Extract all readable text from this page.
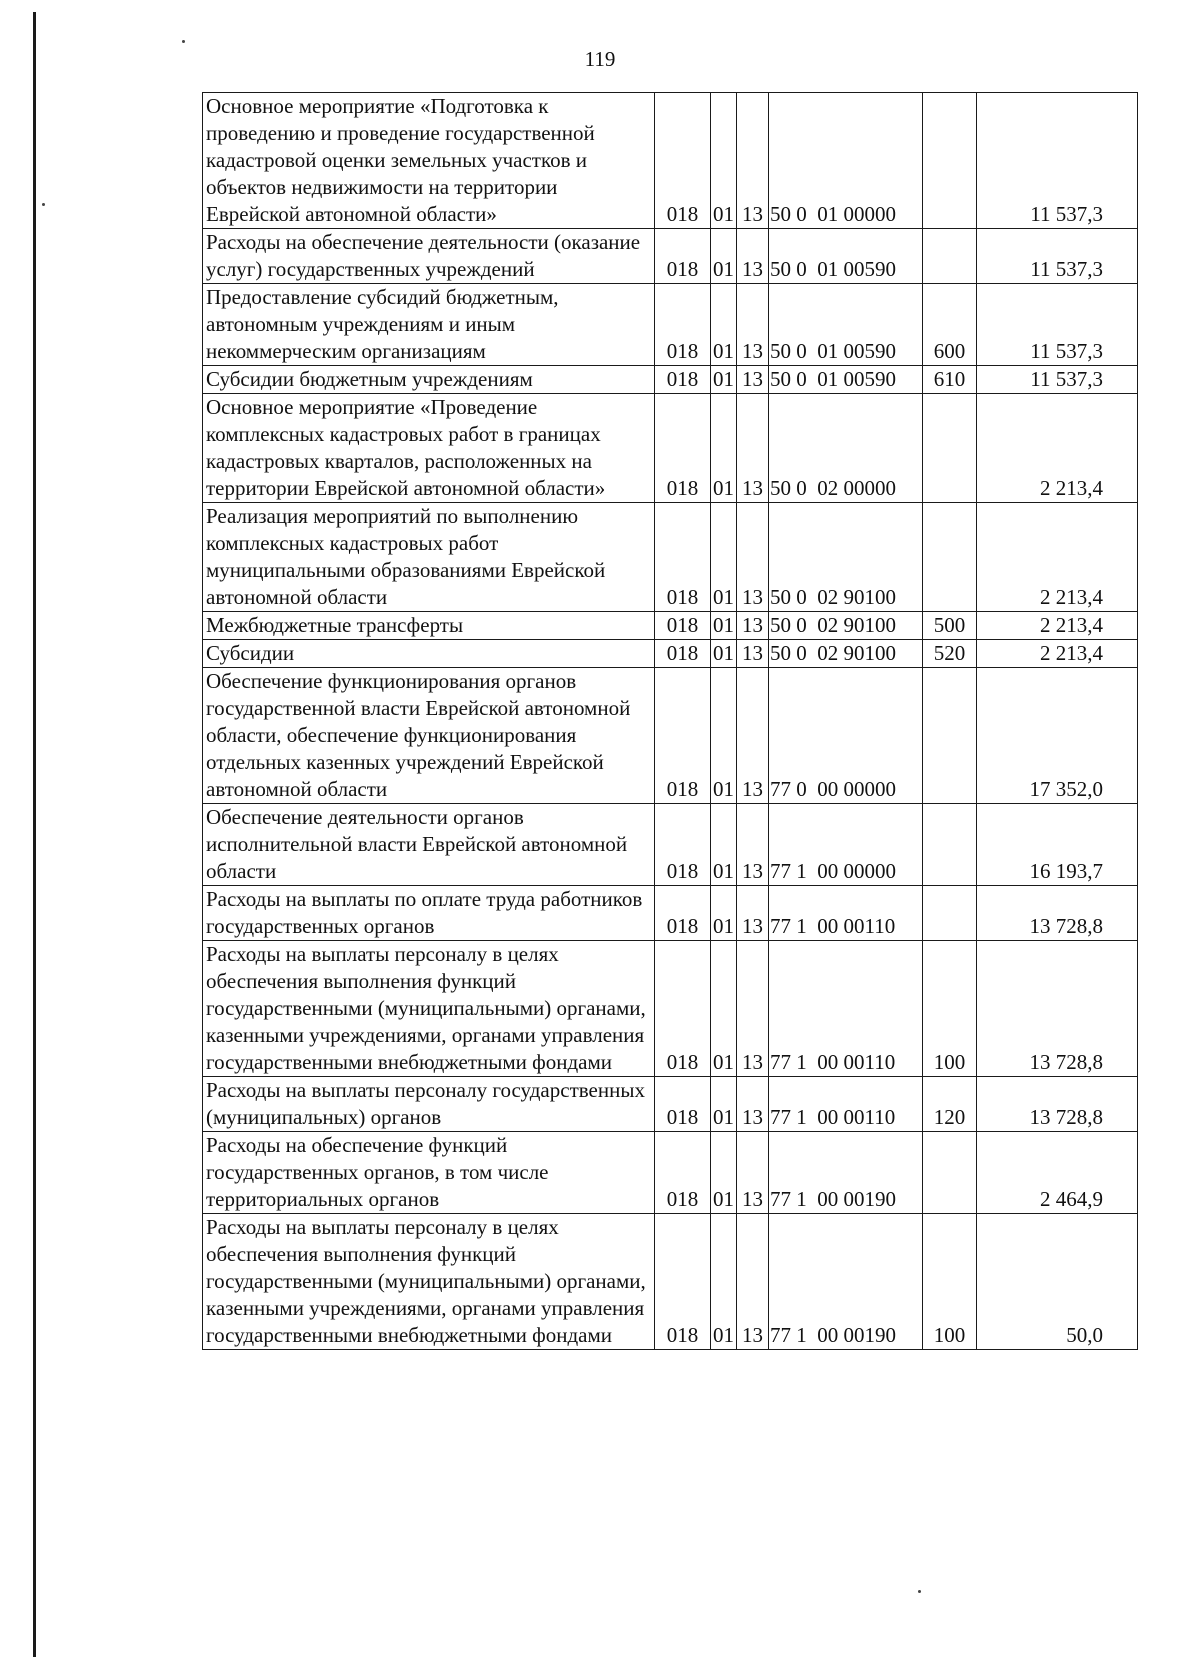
119
Основное мероприятие «Подготовка к проведению и проведение государственной кадастровой оценки земельных участков и объектов недвижимости на территории Еврейской автономной области»	018	01	13	50 0  01 00000		11 537,3
Расходы на обеспечение деятельности (оказание услуг) государственных учреждений	018	01	13	50 0  01 00590		11 537,3
Предоставление субсидий бюджетным, автономным учреждениям и иным некоммерческим организациям	018	01	13	50 0  01 00590	600	11 537,3
Субсидии бюджетным учреждениям	018	01	13	50 0  01 00590	610	11 537,3
Основное мероприятие «Проведение комплексных кадастровых работ в границах кадастровых кварталов, расположенных на территории Еврейской автономной области»	018	01	13	50 0  02 00000		2 213,4
Реализация мероприятий по выполнению комплексных кадастровых работ муниципальными образованиями Еврейской автономной области	018	01	13	50 0  02 90100		2 213,4
Межбюджетные трансферты	018	01	13	50 0  02 90100	500	2 213,4
Субсидии	018	01	13	50 0  02 90100	520	2 213,4
Обеспечение функционирования органов государственной власти Еврейской автономной области, обеспечение функционирования отдельных казенных учреждений Еврейской автономной области	018	01	13	77 0  00 00000		17 352,0
Обеспечение деятельности органов исполнительной власти Еврейской автономной области	018	01	13	77 1  00 00000		16 193,7
Расходы на выплаты по оплате труда работников государственных органов	018	01	13	77 1  00 00110		13 728,8
Расходы на выплаты персоналу в целях обеспечения выполнения функций государственными (муниципальными) органами, казенными учреждениями, органами управления государственными внебюджетными фондами	018	01	13	77 1  00 00110	100	13 728,8
Расходы на выплаты персоналу государственных (муниципальных) органов	018	01	13	77 1  00 00110	120	13 728,8
Расходы на обеспечение функций государственных органов, в том числе территориальных органов	018	01	13	77 1  00 00190		2 464,9
Расходы на выплаты персоналу в целях обеспечения выполнения функций государственными (муниципальными) органами, казенными учреждениями, органами управления государственными внебюджетными фондами	018	01	13	77 1  00 00190	100	50,0
